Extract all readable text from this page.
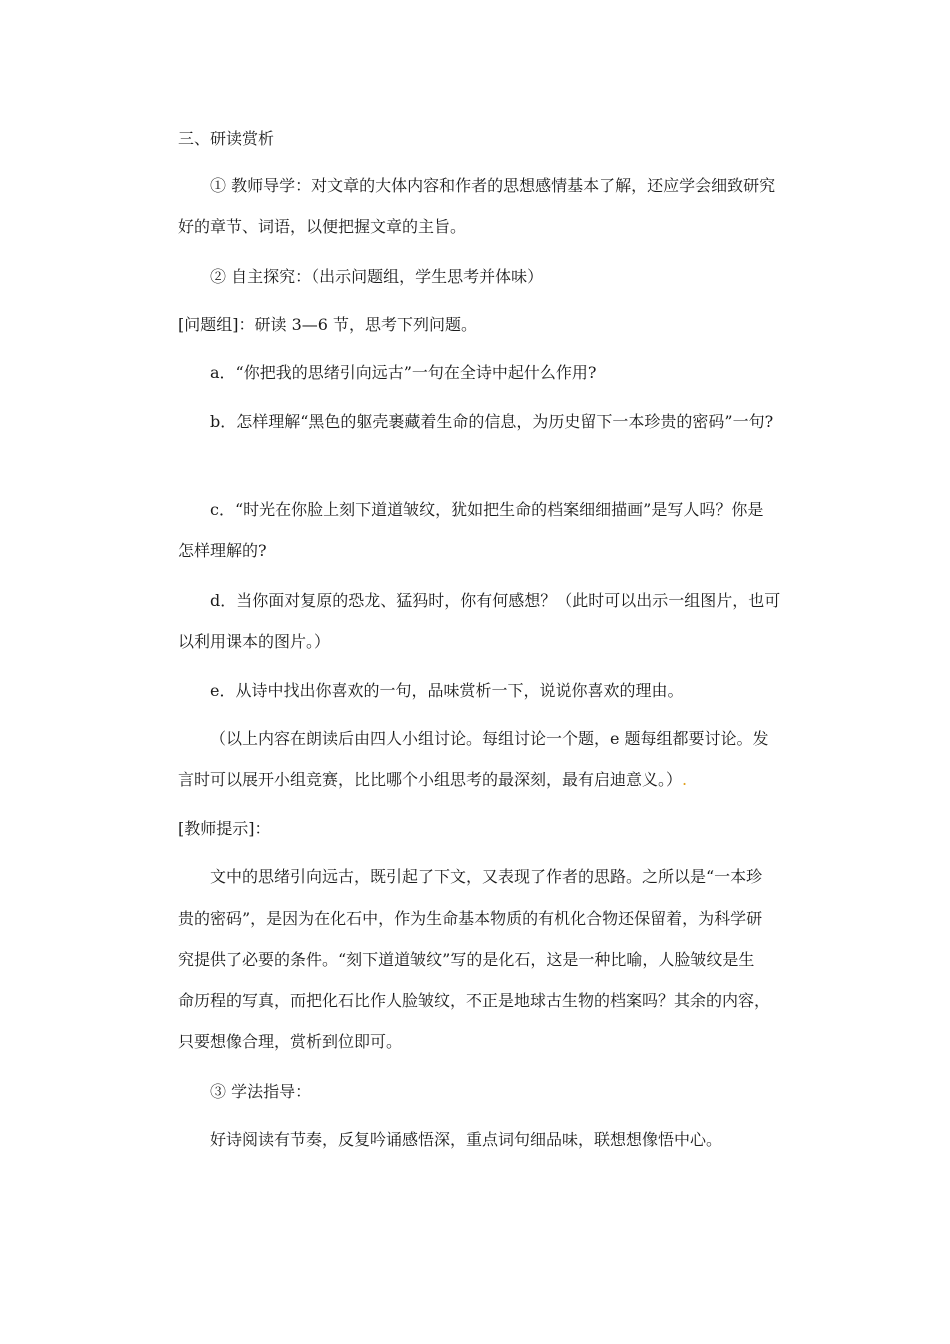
三、研读赏析
① 教师导学：对文章的大体内容和作者的思想感情基本了解，还应学会细致研究
好的章节、词语，以便把握文章的主旨。
② 自主探究：（出示问题组，学生思考并体味）
[问题组]：研读 3—6 节，思考下列问题。
a．“你把我的思绪引向远古”一句在全诗中起什么作用?
b．怎样理解“黑色的躯壳裹藏着生命的信息，为历史留下一本珍贵的密码”一句?
c．“时光在你脸上刻下道道皱纹，犹如把生命的档案细细描画”是写人吗？你是
怎样理解的?
d．当你面对复原的恐龙、猛犸时，你有何感想？（此时可以出示一组图片，也可
以利用课本的图片。）
e．从诗中找出你喜欢的一句，品味赏析一下，说说你喜欢的理由。
（以上内容在朗读后由四人小组讨论。每组讨论一个题，e 题每组都要讨论。发
言时可以展开小组竞赛，比比哪个小组思考的最深刻，最有启迪意义。）.
[教师提示]：
文中的思绪引向远古，既引起了下文，又表现了作者的思路。之所以是“一本珍
贵的密码”，是因为在化石中，作为生命基本物质的有机化合物还保留着，为科学研
究提供了必要的条件。“刻下道道皱纹”写的是化石，这是一种比喻，人脸皱纹是生
命历程的写真，而把化石比作人脸皱纹，不正是地球古生物的档案吗？其余的内容，
只要想像合理，赏析到位即可。
③ 学法指导：
好诗阅读有节奏，反复吟诵感悟深，重点词句细品味，联想想像悟中心。
